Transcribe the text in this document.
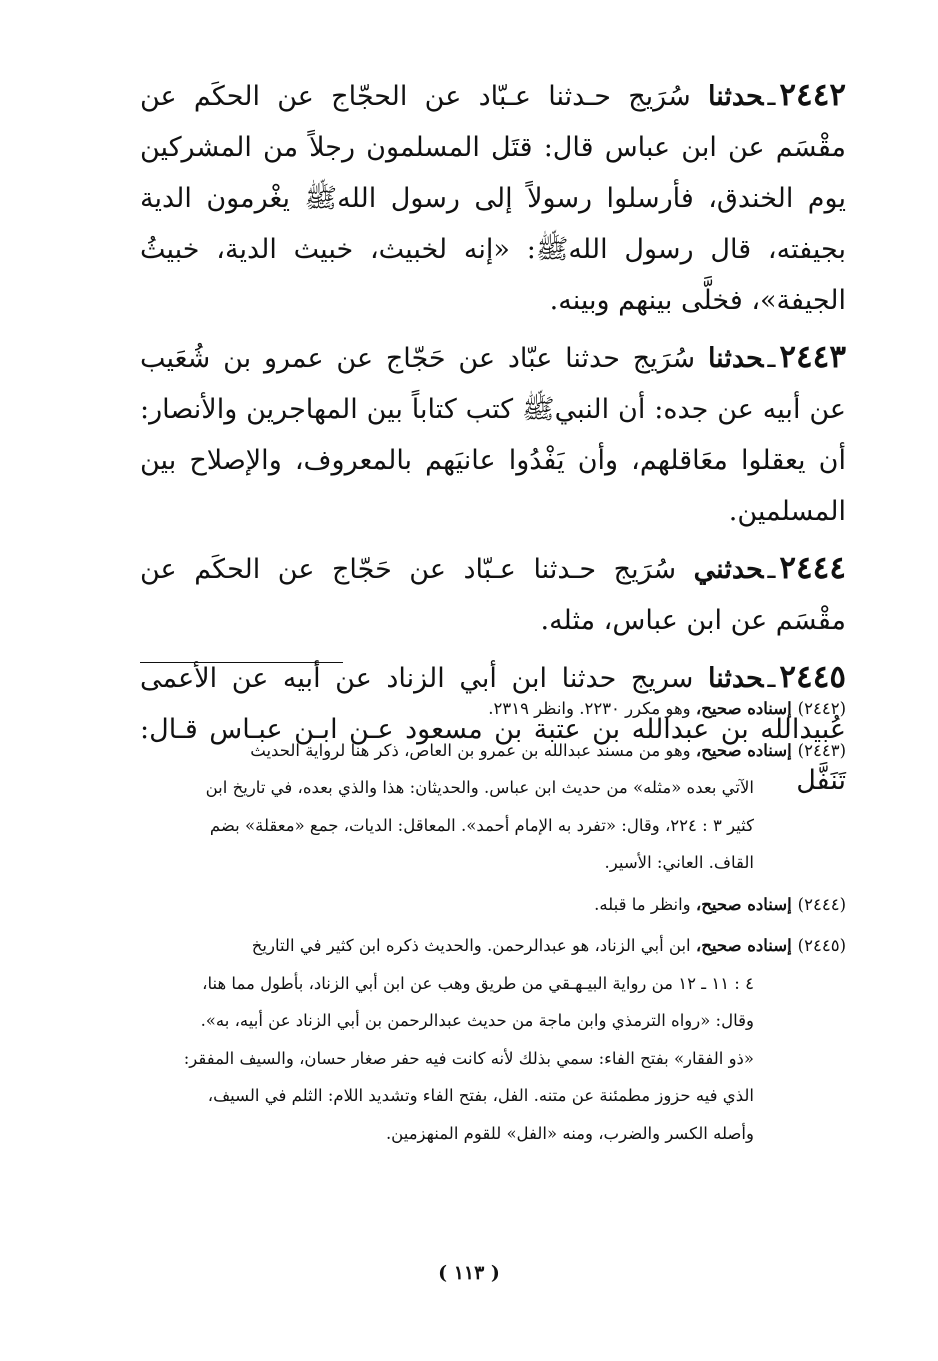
٢٤٤٢ـحدثنا سُرَيج حـدثنا عـبّاد عن الحجّاج عن الحكَم عن مقْسَم عن ابن عباس قال: قتَل المسلمون رجلاً من المشركين يوم الخندق، فأرسلوا رسولاً إلى رسول اللهﷺ يغْرمون الدية بجيفته، قال رسول اللهﷺ: «إنه لخبيث، خبيث الدية، خبيثُ الجيفة»، فخلَّى بينهم وبينه.

٢٤٤٣ـحدثنا سُرَيج حدثنا عبّاد عن حَجّاج عن عمرو بن شُعَيب عن أبيه عن جده: أن النبيﷺ كتب كتاباً بين المهاجرين والأنصار: أن يعقلوا معَاقلهم، وأن يَفْدُوا عانيَهم بالمعروف، والإصلاح بين المسلمين.

٢٤٤٤ـحدثني سُرَيج حـدثنا عـبّاد عن حَجّاج عن الحكَم عن مقْسَم عن ابن عباس، مثله.

٢٤٤٥ـحدثنا سريج حدثنا ابن أبي الزناد عن أبيه عن الأعمى عُبيدالله بن عبدالله بن عتبة بن مسعود عـن ابـن عبـاس قـال: تَنَفَّل

(٢٤٤٢)إسناده صحيح، وهو مكرر ٢٢٣٠. وانظر ٢٣١٩.
(٢٤٤٣)إسناده صحيح، وهو من مسند عبدالله بن عمرو بن العاص، ذكر هنا لرواية الحديث
الآتي بعده «مثله» من حديث ابن عباس. والحديثان: هذا والذي بعده، في تاريخ ابن
كثير ٣ : ٢٢٤، وقال: «تفرد به الإمام أحمد». المعاقل: الديات، جمع «معقلة» بضم
القاف. العاني: الأسير.
(٢٤٤٤)إسناده صحيح، وانظر ما قبله.
(٢٤٤٥)إسناده صحيح، ابن أبي الزناد، هو عبدالرحمن. والحديث ذكره ابن كثير في التاريخ
٤ : ١١ ـ ١٢ من رواية البيـهـقي من طريق وهب عن ابن أبي الزناد، بأطول مما هنا،
وقال: «رواه الترمذي وابن ماجة من حديث عبدالرحمن بن أبي الزناد عن أبيه، به».
«ذو الفقار» بفتح الفاء: سمي بذلك لأنه كانت فيه حفر صغار حسان، والسيف المفقر:
الذي فيه حزوز مطمئنة عن متنه. الفل، بفتح الفاء وتشديد اللام: الثلم في السيف،
وأصله الكسر والضرب، ومنه «الفل» للقوم المنهزمين.
( ١١٣ )
